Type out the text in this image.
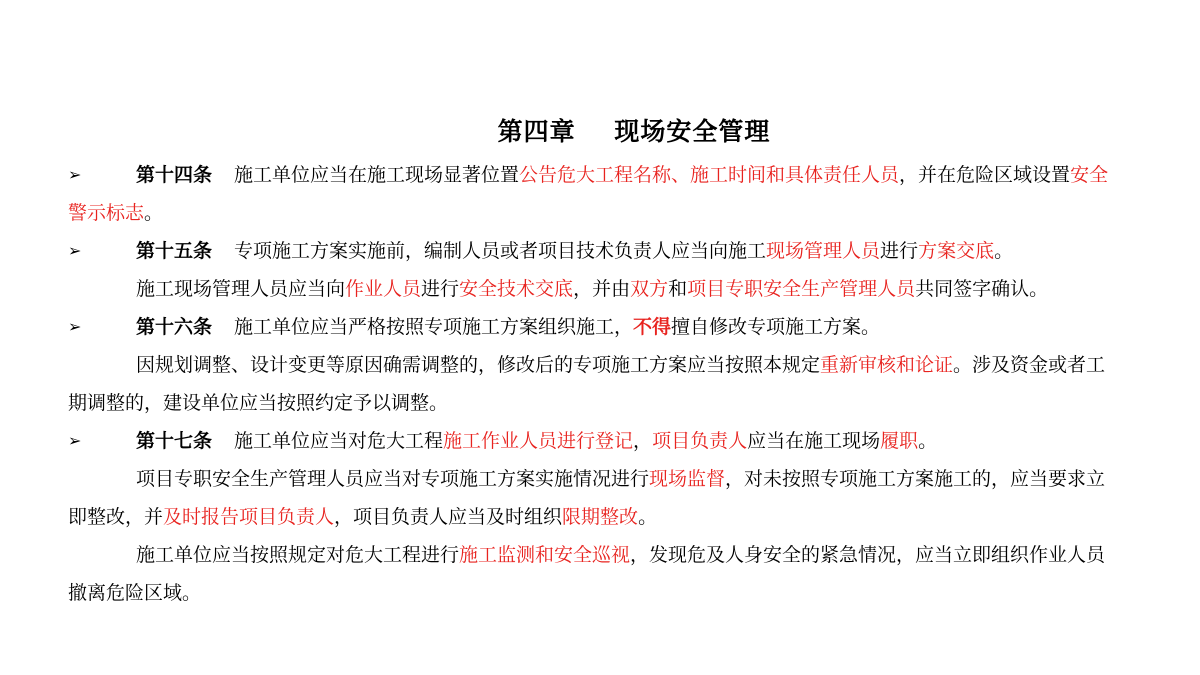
第四章    现场安全管理

➢	第十四条 施工单位应当在施工现场显著位置公告危大工程名称、施工时间和具体责任人员，并在危险区域设置安全警示标志。

➢	第十五条 专项施工方案实施前，编制人员或者项目技术负责人应当向施工现场管理人员进行方案交底。

施工现场管理人员应当向作业人员进行安全技术交底，并由双方和项目专职安全生产管理人员共同签字确认。

➢	第十六条 施工单位应当严格按照专项施工方案组织施工，不得擅自修改专项施工方案。

因规划调整、设计变更等原因确需调整的，修改后的专项施工方案应当按照本规定重新审核和论证。涉及资金或者工期调整的，建设单位应当按照约定予以调整。

➢	第十七条 施工单位应当对危大工程施工作业人员进行登记，项目负责人应当在施工现场履职。

项目专职安全生产管理人员应当对专项施工方案实施情况进行现场监督，对未按照专项施工方案施工的，应当要求立即整改，并及时报告项目负责人，项目负责人应当及时组织限期整改。

施工单位应当按照规定对危大工程进行施工监测和安全巡视，发现危及人身安全的紧急情况，应当立即组织作业人员撤离危险区域。
